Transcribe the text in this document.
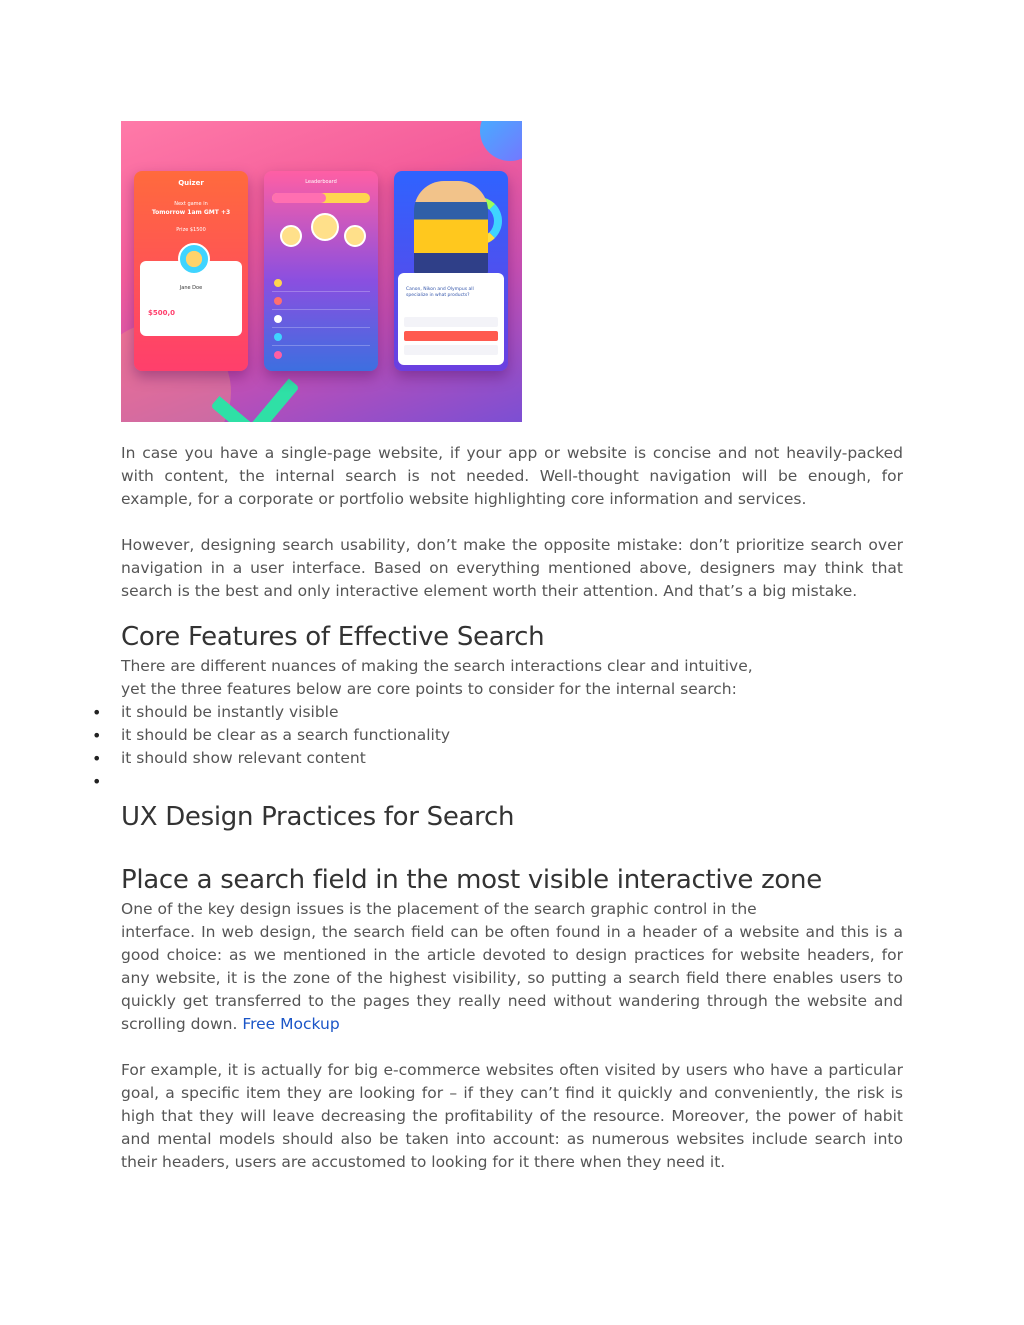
Quizer
Next game in
Tomorrow 1am GMT +3
Prize $1500
Jane Doe
$500,0
Leaderboard
Canon, Nikon and Olympus all specialize in what products?

In case you have a single-page website, if your app or website is concise and not heavily-packed with content, the internal search is not needed. Well-thought navigation will be enough, for example, for a corporate or portfolio website highlighting core information and services.

However, designing search usability, don’t make the opposite mistake: don’t prioritize search over navigation in a user interface. Based on everything mentioned above, designers may think that search is the best and only interactive element worth their attention. And that’s a big mistake.

Core Features of Effective Search

There are different nuances of making the search interactions clear and intuitive,

yet the three features below are core points to consider for the internal search:

• it should be instantly visible
• it should be clear as a search functionality
• it should show relevant content
•
UX Design Practices for Search
Place a search field in the most visible interactive zone

One of the key design issues is the placement of the search graphic control in the

interface. In web design, the search field can be often found in a header of a website and this is a good choice: as we mentioned in the article devoted to design practices for website headers, for any website, it is the zone of the highest visibility, so putting a search field there enables users to quickly get transferred to the pages they really need without wandering through the website and scrolling down. Free Mockup

For example, it is actually for big e-commerce websites often visited by users who have a particular goal, a specific item they are looking for – if they can’t find it quickly and conveniently, the risk is high that they will leave decreasing the profitability of the resource. Moreover, the power of habit and mental models should also be taken into account: as numerous websites include search into their headers, users are accustomed to looking for it there when they need it.
